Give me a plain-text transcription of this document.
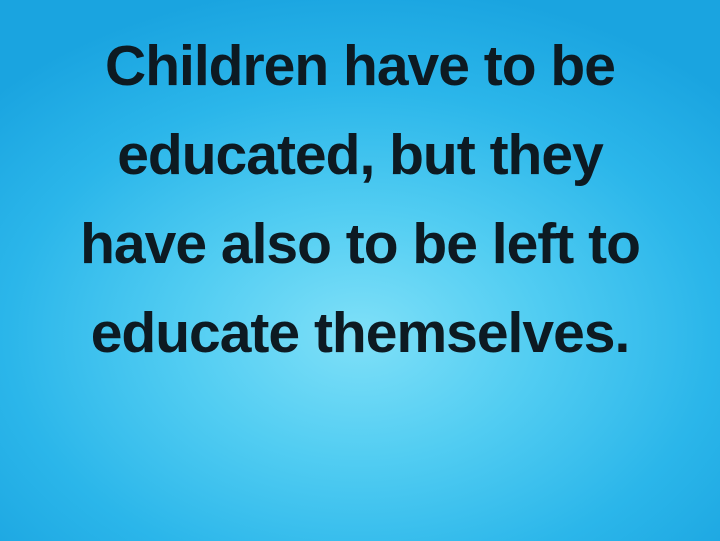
Children have to be
educated, but they
have also to be left to
educate themselves.
